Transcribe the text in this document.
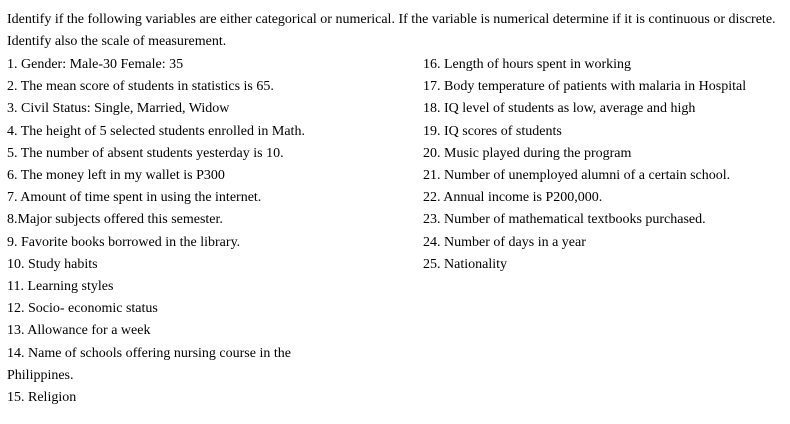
Identify if the following variables are either categorical or numerical. If the variable is numerical determine if it is continuous or discrete. Identify also the scale of measurement.

1. Gender: Male-30 Female: 35
2. The mean score of students in statistics is 65.
3. Civil Status: Single, Married, Widow
4. The height of 5 selected students enrolled in Math.
5. The number of absent students yesterday is 10.
6. The money left in my wallet is P300
7. Amount of time spent in using the internet.
8.Major subjects offered this semester.
9. Favorite books borrowed in the library.
10. Study habits
11. Learning styles
12. Socio- economic status
13. Allowance for a week
14. Name of schools offering nursing course in the Philippines.
15. Religion
16. Length of hours spent in working
17. Body temperature of patients with malaria in Hospital
18. IQ level of students as low, average and high
19. IQ scores of students
20. Music played during the program
21. Number of unemployed alumni of a certain school.
22. Annual income is P200,000.
23. Number of mathematical textbooks purchased.
24. Number of days in a year
25. Nationality
